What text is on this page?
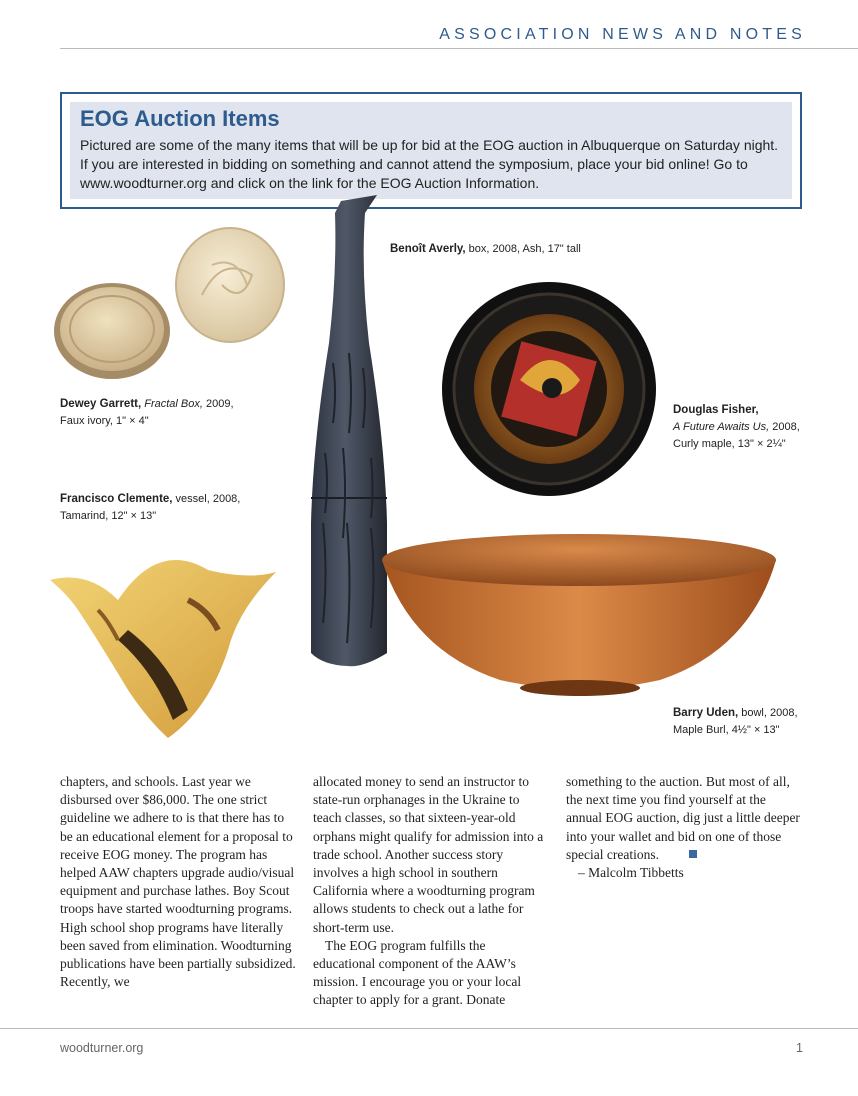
ASSOCIATION NEWS AND NOTES
EOG Auction Items

Pictured are some of the many items that will be up for bid at the EOG auction in Albuquerque on Saturday night. If you are interested in bidding on something and cannot attend the symposium, place your bid online! Go to www.woodturner.org and click on the link for the EOG Auction Information.

Benoît Averly, box, 2008, Ash, 17" tall
Dewey Garrett, Fractal Box, 2009,
Faux ivory, 1" × 4"
Douglas Fisher,
A Future Awaits Us, 2008,
Curly maple, 13" × 2¼"
Francisco Clemente, vessel, 2008,
Tamarind, 12" × 13"
Barry Uden, bowl, 2008,
Maple Burl, 4½" × 13"

chapters, and schools. Last year we disbursed over $86,000. The one strict guideline we adhere to is that there has to be an educational element for a proposal to receive EOG money. The program has helped AAW chapters upgrade audio/visual equipment and purchase lathes. Boy Scout troops have started woodturning programs. High school shop programs have literally been saved from elimination. Woodturning publications have been partially subsidized. Recently, we

allocated money to send an instructor to state-run orphanages in the Ukraine to teach classes, so that sixteen-year-old orphans might qualify for admission into a trade school. Another success story involves a high school in southern California where a woodturning program allows students to check out a lathe for short-term use.

The EOG program fulfills the educational component of the AAW’s mission. I encourage you or your local chapter to apply for a grant. Donate

something to the auction. But most of all, the next time you find yourself at the annual EOG auction, dig just a little deeper into your wallet and bid on one of those special creations.

– Malcolm Tibbetts

woodturner.org	1
